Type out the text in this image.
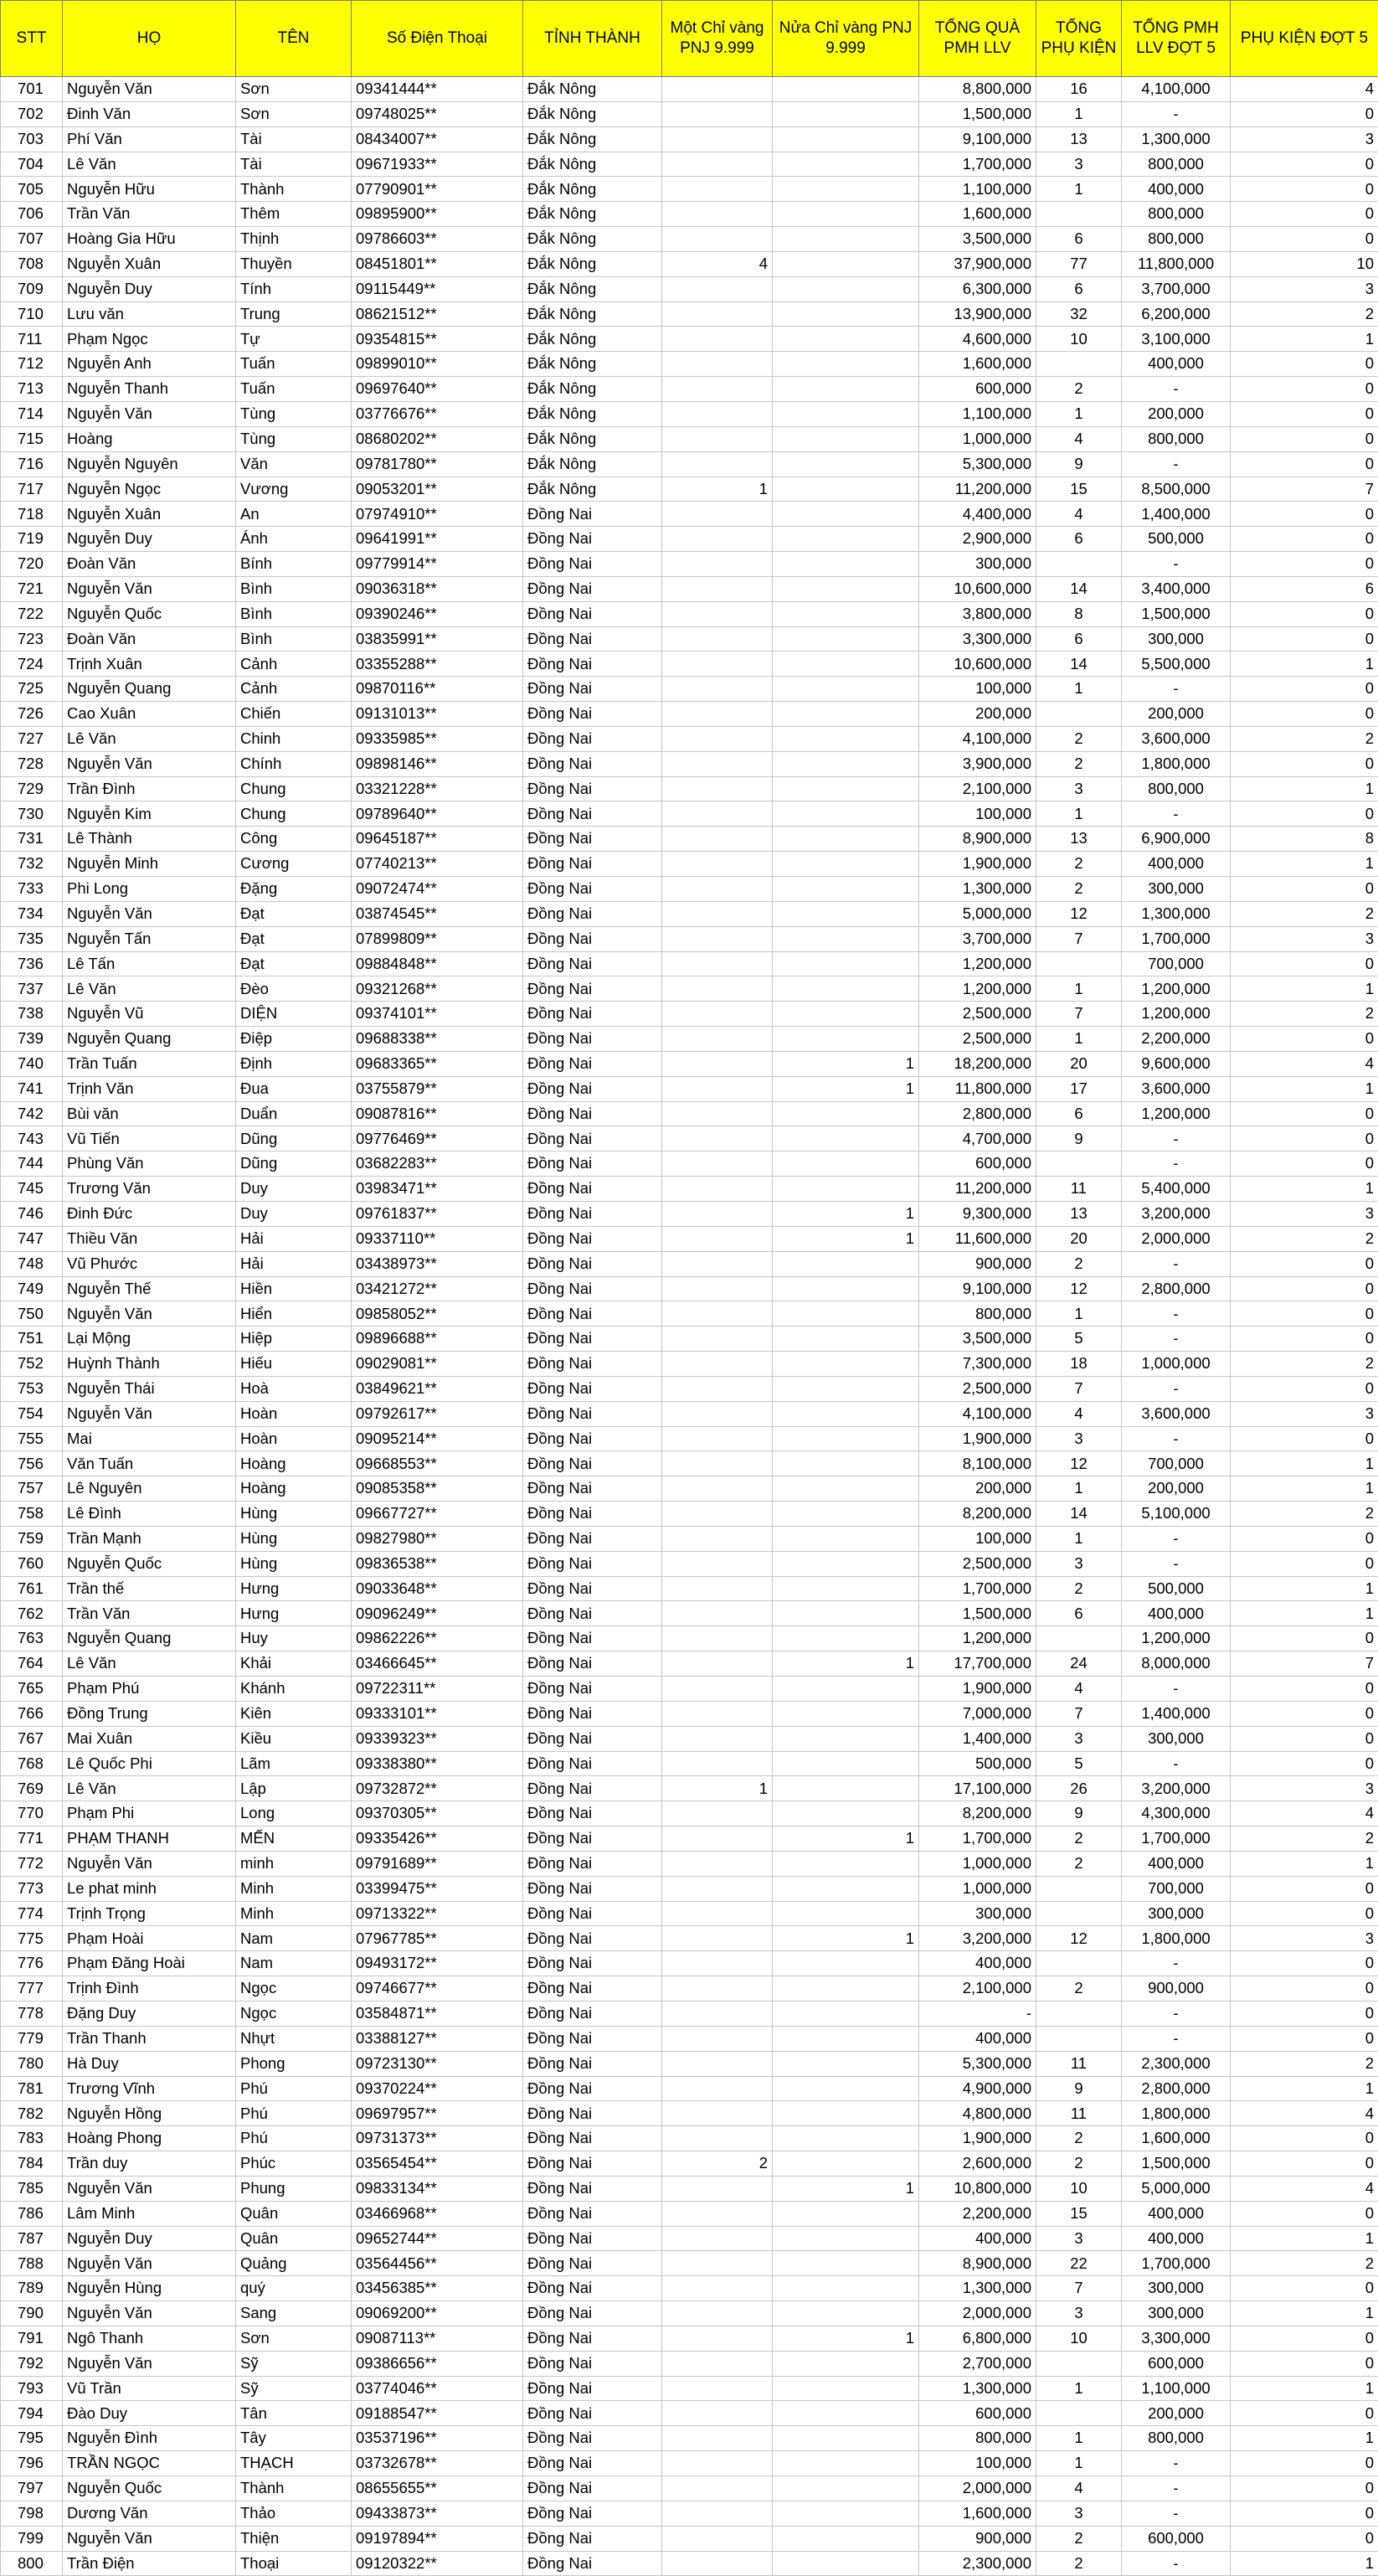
STT	HỌ	TÊN	Số Điện Thoại	TỈNH THÀNH	Một Chỉ vàng PNJ 9.999	Nửa Chỉ vàng PNJ 9.999	TỔNG QUÀ PMH LLV	TỔNG PHỤ KIỆN	TỔNG PMH LLV ĐỢT 5	PHỤ KIỆN ĐỢT 5
701	Nguyễn Văn	Sơn	09341444**	Đắk Nông			8,800,000	16	4,100,000	4
702	Đinh Văn	Sơn	09748025**	Đắk Nông			1,500,000	1	-	0
703	Phí Văn	Tài	08434007**	Đắk Nông			9,100,000	13	1,300,000	3
704	Lê Văn	Tài	09671933**	Đắk Nông			1,700,000	3	800,000	0
705	Nguyễn Hữu	Thành	07790901**	Đắk Nông			1,100,000	1	400,000	0
706	Trần Văn	Thêm	09895900**	Đắk Nông			1,600,000		800,000	0
707	Hoàng Gia Hữu	Thịnh	09786603**	Đắk Nông			3,500,000	6	800,000	0
708	Nguyễn Xuân	Thuyền	08451801**	Đắk Nông	4		37,900,000	77	11,800,000	10
709	Nguyễn Duy	Tính	09115449**	Đắk Nông			6,300,000	6	3,700,000	3
710	Lưu văn	Trung	08621512**	Đắk Nông			13,900,000	32	6,200,000	2
711	Phạm Ngọc	Tự	09354815**	Đắk Nông			4,600,000	10	3,100,000	1
712	Nguyễn Anh	Tuấn	09899010**	Đắk Nông			1,600,000		400,000	0
713	Nguyễn Thanh	Tuấn	09697640**	Đắk Nông			600,000	2	-	0
714	Nguyễn Văn	Tùng	03776676**	Đắk Nông			1,100,000	1	200,000	0
715	Hoàng	Tùng	08680202**	Đắk Nông			1,000,000	4	800,000	0
716	Nguyễn Nguyên	Văn	09781780**	Đắk Nông			5,300,000	9	-	0
717	Nguyễn Ngọc	Vương	09053201**	Đắk Nông	1		11,200,000	15	8,500,000	7
718	Nguyễn Xuân	An	07974910**	Đồng Nai			4,400,000	4	1,400,000	0
719	Nguyễn Duy	Ánh	09641991**	Đồng Nai			2,900,000	6	500,000	0
720	Đoàn Văn	Bính	09779914**	Đồng Nai			300,000		-	0
721	Nguyễn Văn	Bình	09036318**	Đồng Nai			10,600,000	14	3,400,000	6
722	Nguyễn Quốc	Bình	09390246**	Đồng Nai			3,800,000	8	1,500,000	0
723	Đoàn Văn	Bình	03835991**	Đồng Nai			3,300,000	6	300,000	0
724	Trịnh Xuân	Cảnh	03355288**	Đồng Nai			10,600,000	14	5,500,000	1
725	Nguyễn Quang	Cảnh	09870116**	Đồng Nai			100,000	1	-	0
726	Cao Xuân	Chiến	09131013**	Đồng Nai			200,000		200,000	0
727	Lê Văn	Chinh	09335985**	Đồng Nai			4,100,000	2	3,600,000	2
728	Nguyễn Văn	Chính	09898146**	Đồng Nai			3,900,000	2	1,800,000	0
729	Trần Đình	Chung	03321228**	Đồng Nai			2,100,000	3	800,000	1
730	Nguyễn Kim	Chung	09789640**	Đồng Nai			100,000	1	-	0
731	Lê Thành	Công	09645187**	Đồng Nai			8,900,000	13	6,900,000	8
732	Nguyễn Minh	Cương	07740213**	Đồng Nai			1,900,000	2	400,000	1
733	Phi Long	Đặng	09072474**	Đồng Nai			1,300,000	2	300,000	0
734	Nguyễn Văn	Đạt	03874545**	Đồng Nai			5,000,000	12	1,300,000	2
735	Nguyễn Tấn	Đạt	07899809**	Đồng Nai			3,700,000	7	1,700,000	3
736	Lê Tấn	Đạt	09884848**	Đồng Nai			1,200,000		700,000	0
737	Lê Văn	Đèo	09321268**	Đồng Nai			1,200,000	1	1,200,000	1
738	Nguyễn Vũ	DIỆN	09374101**	Đồng Nai			2,500,000	7	1,200,000	2
739	Nguyễn Quang	Điệp	09688338**	Đồng Nai			2,500,000	1	2,200,000	0
740	Trần Tuấn	Định	09683365**	Đồng Nai		1	18,200,000	20	9,600,000	4
741	Trịnh Văn	Đua	03755879**	Đồng Nai		1	11,800,000	17	3,600,000	1
742	Bùi văn	Duẩn	09087816**	Đồng Nai			2,800,000	6	1,200,000	0
743	Vũ Tiến	Dũng	09776469**	Đồng Nai			4,700,000	9	-	0
744	Phùng Văn	Dũng	03682283**	Đồng Nai			600,000		-	0
745	Trương Văn	Duy	03983471**	Đồng Nai			11,200,000	11	5,400,000	1
746	Đinh Đức	Duy	09761837**	Đồng Nai		1	9,300,000	13	3,200,000	3
747	Thiều Văn	Hải	09337110**	Đồng Nai		1	11,600,000	20	2,000,000	2
748	Vũ Phước	Hải	03438973**	Đồng Nai			900,000	2	-	0
749	Nguyễn Thế	Hiền	03421272**	Đồng Nai			9,100,000	12	2,800,000	0
750	Nguyễn Văn	Hiển	09858052**	Đồng Nai			800,000	1	-	0
751	Lại Mộng	Hiệp	09896688**	Đồng Nai			3,500,000	5	-	0
752	Huỳnh Thành	Hiếu	09029081**	Đồng Nai			7,300,000	18	1,000,000	2
753	Nguyễn Thái	Hoà	03849621**	Đồng Nai			2,500,000	7	-	0
754	Nguyễn Văn	Hoàn	09792617**	Đồng Nai			4,100,000	4	3,600,000	3
755	Mai	Hoàn	09095214**	Đồng Nai			1,900,000	3	-	0
756	Văn Tuấn	Hoàng	09668553**	Đồng Nai			8,100,000	12	700,000	1
757	Lê Nguyên	Hoàng	09085358**	Đồng Nai			200,000	1	200,000	1
758	Lê Đình	Hùng	09667727**	Đồng Nai			8,200,000	14	5,100,000	2
759	Trần Mạnh	Hùng	09827980**	Đồng Nai			100,000	1	-	0
760	Nguyễn Quốc	Hùng	09836538**	Đồng Nai			2,500,000	3	-	0
761	Trần thế	Hưng	09033648**	Đồng Nai			1,700,000	2	500,000	1
762	Trần Văn	Hưng	09096249**	Đồng Nai			1,500,000	6	400,000	1
763	Nguyễn Quang	Huy	09862226**	Đồng Nai			1,200,000		1,200,000	0
764	Lê Văn	Khải	03466645**	Đồng Nai		1	17,700,000	24	8,000,000	7
765	Phạm Phú	Khánh	09722311**	Đồng Nai			1,900,000	4	-	0
766	Đồng Trung	Kiên	09333101**	Đồng Nai			7,000,000	7	1,400,000	0
767	Mai Xuân	Kiều	09339323**	Đồng Nai			1,400,000	3	300,000	0
768	Lê Quốc Phi	Lãm	09338380**	Đồng Nai			500,000	5	-	0
769	Lê Văn	Lập	09732872**	Đồng Nai	1		17,100,000	26	3,200,000	3
770	Phạm Phi	Long	09370305**	Đồng Nai			8,200,000	9	4,300,000	4
771	PHẠM THANH	MẾN	09335426**	Đồng Nai		1	1,700,000	2	1,700,000	2
772	Nguyễn Văn	minh	09791689**	Đồng Nai			1,000,000	2	400,000	1
773	Le phat minh	Minh	03399475**	Đồng Nai			1,000,000		700,000	0
774	Trịnh Trọng	Minh	09713322**	Đồng Nai			300,000		300,000	0
775	Phạm Hoài	Nam	07967785**	Đồng Nai		1	3,200,000	12	1,800,000	3
776	Phạm Đăng Hoài	Nam	09493172**	Đồng Nai			400,000		-	0
777	Trịnh Đình	Ngọc	09746677**	Đồng Nai			2,100,000	2	900,000	0
778	Đặng Duy	Ngọc	03584871**	Đồng Nai			-		-	0
779	Trần Thanh	Nhựt	03388127**	Đồng Nai			400,000		-	0
780	Hà Duy	Phong	09723130**	Đồng Nai			5,300,000	11	2,300,000	2
781	Trương Vĩnh	Phú	09370224**	Đồng Nai			4,900,000	9	2,800,000	1
782	Nguyễn Hồng	Phú	09697957**	Đồng Nai			4,800,000	11	1,800,000	4
783	Hoàng Phong	Phú	09731373**	Đồng Nai			1,900,000	2	1,600,000	0
784	Trần duy	Phúc	03565454**	Đồng Nai	2		2,600,000	2	1,500,000	0
785	Nguyễn Văn	Phung	09833134**	Đồng Nai		1	10,800,000	10	5,000,000	4
786	Lâm Minh	Quân	03466968**	Đồng Nai			2,200,000	15	400,000	0
787	Nguyễn Duy	Quân	09652744**	Đồng Nai			400,000	3	400,000	1
788	Nguyễn Văn	Quảng	03564456**	Đồng Nai			8,900,000	22	1,700,000	2
789	Nguyễn Hùng	quý	03456385**	Đồng Nai			1,300,000	7	300,000	0
790	Nguyễn Văn	Sang	09069200**	Đồng Nai			2,000,000	3	300,000	1
791	Ngô Thanh	Sơn	09087113**	Đồng Nai		1	6,800,000	10	3,300,000	0
792	Nguyễn Văn	Sỹ	09386656**	Đồng Nai			2,700,000		600,000	0
793	Vũ Trần	Sỹ	03774046**	Đồng Nai			1,300,000	1	1,100,000	1
794	Đào Duy	Tân	09188547**	Đồng Nai			600,000		200,000	0
795	Nguyễn Đình	Tây	03537196**	Đồng Nai			800,000	1	800,000	1
796	TRẦN NGỌC	THẠCH	03732678**	Đồng Nai			100,000	1	-	0
797	Nguyễn Quốc	Thành	08655655**	Đồng Nai			2,000,000	4	-	0
798	Dương Văn	Thảo	09433873**	Đồng Nai			1,600,000	3	-	0
799	Nguyễn Văn	Thiện	09197894**	Đồng Nai			900,000	2	600,000	0
800	Trần Điện	Thoại	09120322**	Đồng Nai			2,300,000	2	-	1
